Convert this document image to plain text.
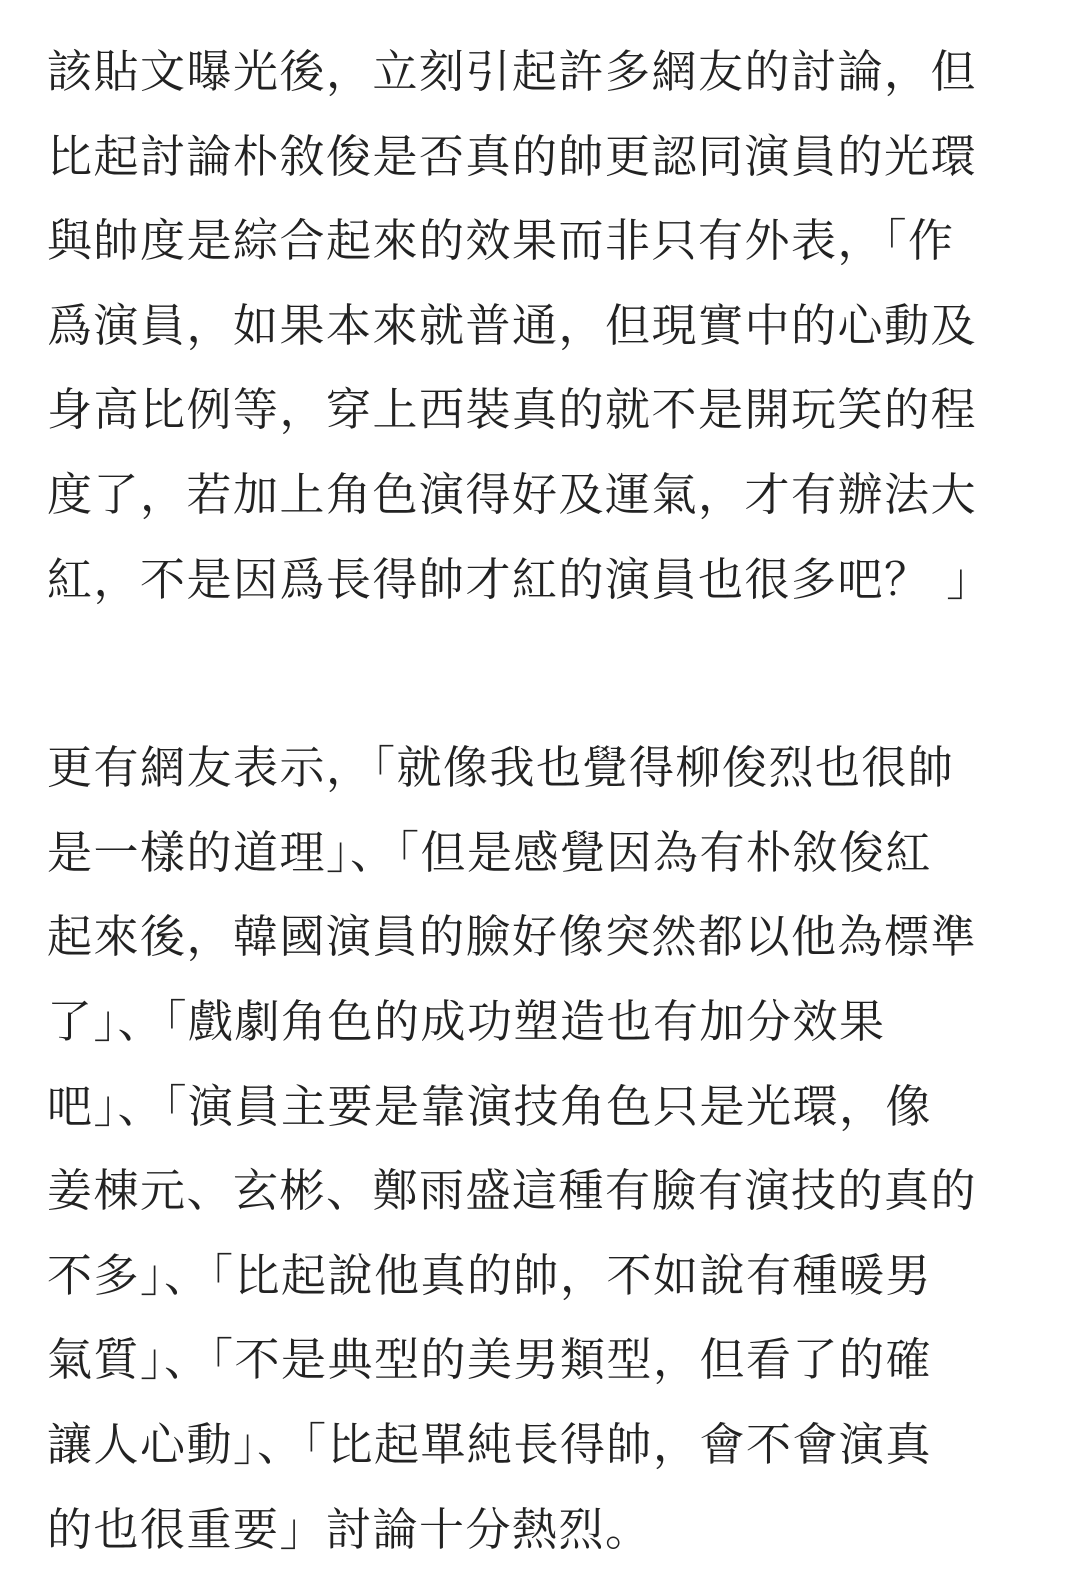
該貼文曝光後，立刻引起許多網友的討論，但
比起討論朴敘俊是否真的帥更認同演員的光環
與帥度是綜合起來的效果而非只有外表，「作
爲演員，如果本來就普通，但現實中的心動及
身高比例等，穿上西裝真的就不是開玩笑的程
度了，若加上角色演得好及運氣，才有辦法大
紅，不是因爲長得帥才紅的演員也很多吧？ 」
更有網友表示，「就像我也覺得柳俊烈也很帥
是一樣的道理」、「但是感覺因為有朴敘俊紅
起來後，韓國演員的臉好像突然都以他為標準
了」、「戲劇角色的成功塑造也有加分效果
吧」、「演員主要是靠演技角色只是光環，像
姜棟元、玄彬、鄭雨盛這種有臉有演技的真的
不多」、「比起說他真的帥，不如說有種暖男
氣質」、「不是典型的美男類型，但看了的確
讓人心動」、「比起單純長得帥，會不會演真
的也很重要」討論十分熱烈。
